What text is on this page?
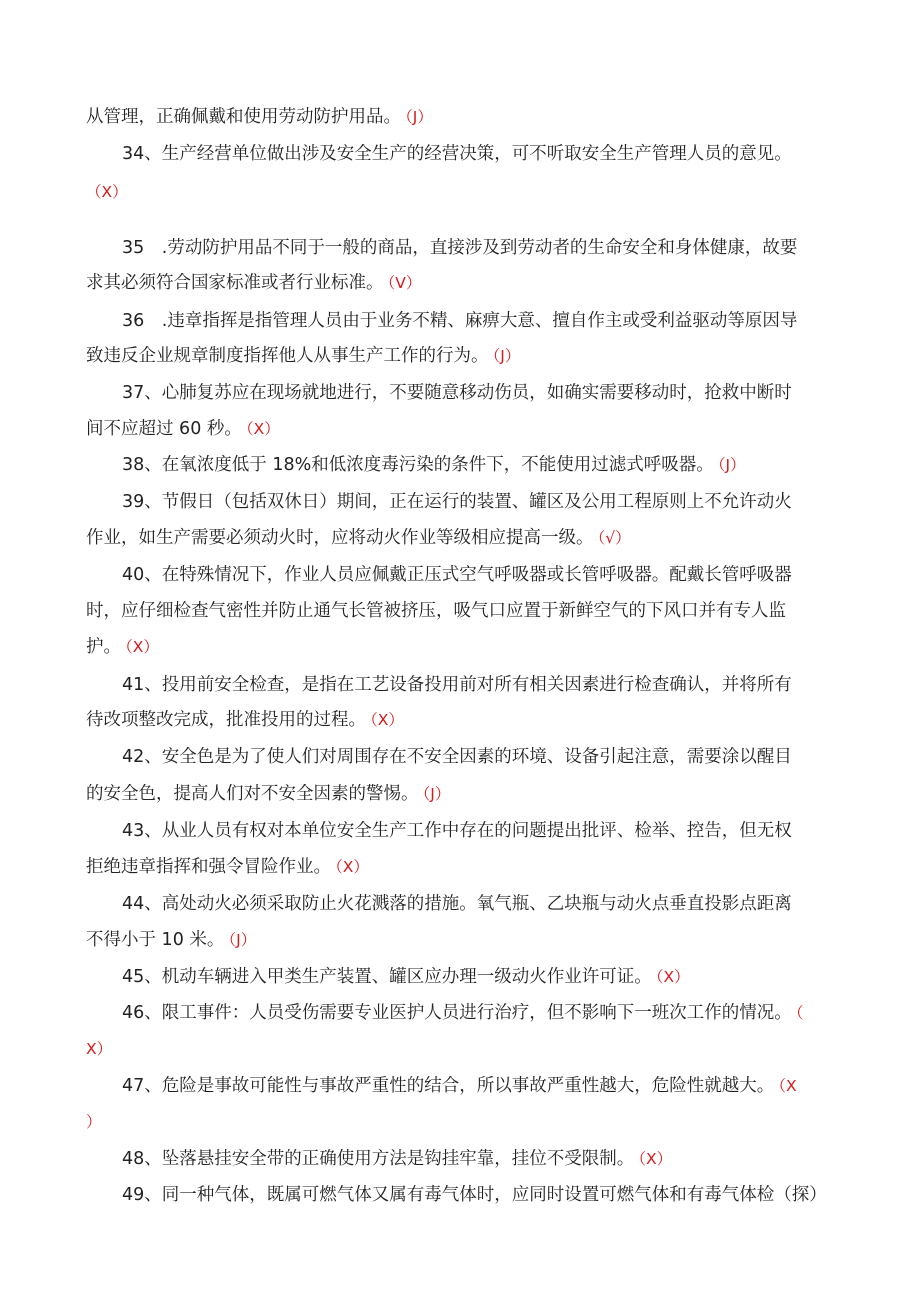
从管理，正确佩戴和使用劳动防护用品。 （J）
34、生产经营单位做出涉及安全生产的经营决策，可不听取安全生产管理人员的意见。
（X）
35　.劳动防护用品不同于一般的商品，直接涉及到劳动者的生命安全和身体健康，故要
求其必须符合国家标准或者行业标准。 （V）
36　.违章指挥是指管理人员由于业务不精、麻痹大意、擅自作主或受利益驱动等原因导
致违反企业规章制度指挥他人从事生产工作的行为。 （J）
37、心肺复苏应在现场就地进行，不要随意移动伤员，如确实需要移动时，抢救中断时
间不应超过 60 秒。 （X）
38、在氧浓度低于 18%和低浓度毒污染的条件下，不能使用过滤式呼吸器。 （J）
39、节假日（包括双休日）期间，正在运行的装置、罐区及公用工程原则上不允许动火
作业，如生产需要必须动火时，应将动火作业等级相应提高一级。 （√）
40、在特殊情况下，作业人员应佩戴正压式空气呼吸器或长管呼吸器。配戴长管呼吸器
时，应仔细检查气密性并防止通气长管被挤压，吸气口应置于新鲜空气的下风口并有专人监
护。 （X）
41、投用前安全检查，是指在工艺设备投用前对所有相关因素进行检查确认，并将所有
待改项整改完成，批准投用的过程。 （X）
42、安全色是为了使人们对周围存在不安全因素的环境、设备引起注意，需要涂以醒目
的安全色，提高人们对不安全因素的警惕。 （J）
43、从业人员有权对本单位安全生产工作中存在的问题提出批评、检举、控告，但无权
拒绝违章指挥和强令冒险作业。 （X）
44、高处动火必须采取防止火花溅落的措施。氧气瓶、乙块瓶与动火点垂直投影点距离
不得小于 10 米。 （J）
45、机动车辆进入甲类生产装置、罐区应办理一级动火作业许可证。 （X）
46、限工事件：人员受伤需要专业医护人员进行治疗，但不影响下一班次工作的情况。 （
X）
47、危险是事故可能性与事故严重性的结合，所以事故严重性越大，危险性就越大。 （X
）
48、坠落悬挂安全带的正确使用方法是钩挂牢靠，挂位不受限制。 （X）
49、同一种气体，既属可燃气体又属有毒气体时，应同时设置可燃气体和有毒气体检（探）
